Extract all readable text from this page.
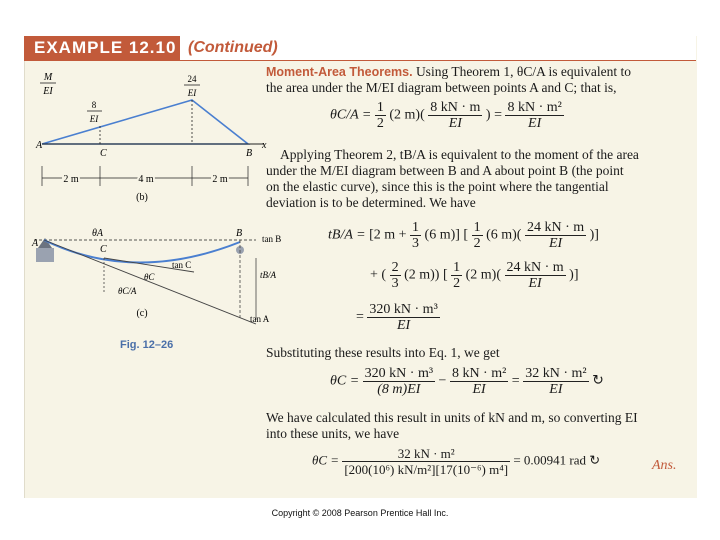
EXAMPLE 12.10 (Continued)
M
EI
8
EI
24
EI
A
C	B
x
2 m	4 m	2 m
(b)
θA
A
C
B tan B
tan C
θC
θC/A
tB/A
tan A
(c)
Fig. 12–26
Moment-Area Theorems. Using Theorem 1, θC/A is equivalent to
the area under the M/EI diagram between points A and C; that is,
$\theta C/A = \frac{1}{2} (2$ $m)( \frac{8 kN \cdot m}{EI}$ ) = $\frac{\text{8 kN · m²}}{EI}$
Applying Theorem 2, tB/A is equivalent to the moment of the area
under the M/EI diagram between B and A about point B (the point
on the elastic curve), since this is the point where the tangential
deviation is to be determined. We have
tB/A = [2 $m + \frac{1}{3} (6$ m)] [ $\frac{1}{2} (6$ $m)( \frac{24 kN \cdot m}{EI}$ )]
+ ( $\frac{2}{3} (2$ m)) [ $\frac{1}{2} (2$ $m)( \frac{24 kN \cdot m}{EI}$ )]
= $\frac{\text{320 kN · m³}}{EI}$
Substituting these results into Eq. 1, we get
$\theta C = \frac{\text{320 kN · m³}}{(8 m)EI} - \frac{\text{8 kN · m²}}{EI} = \frac{\text{32 kN · m²}}{EI}$ ↻
We have calculated this result in units of kN and m, so converting EI
into these units, we have
$\theta C = \frac{\text{32 kN · m²}}{\text{[200(10⁶) kN/m²][17(10⁻⁶) m⁴]}} = 0.00941$ rad ↻	Ans.
Copyright © 2008 Pearson Prentice Hall Inc.
